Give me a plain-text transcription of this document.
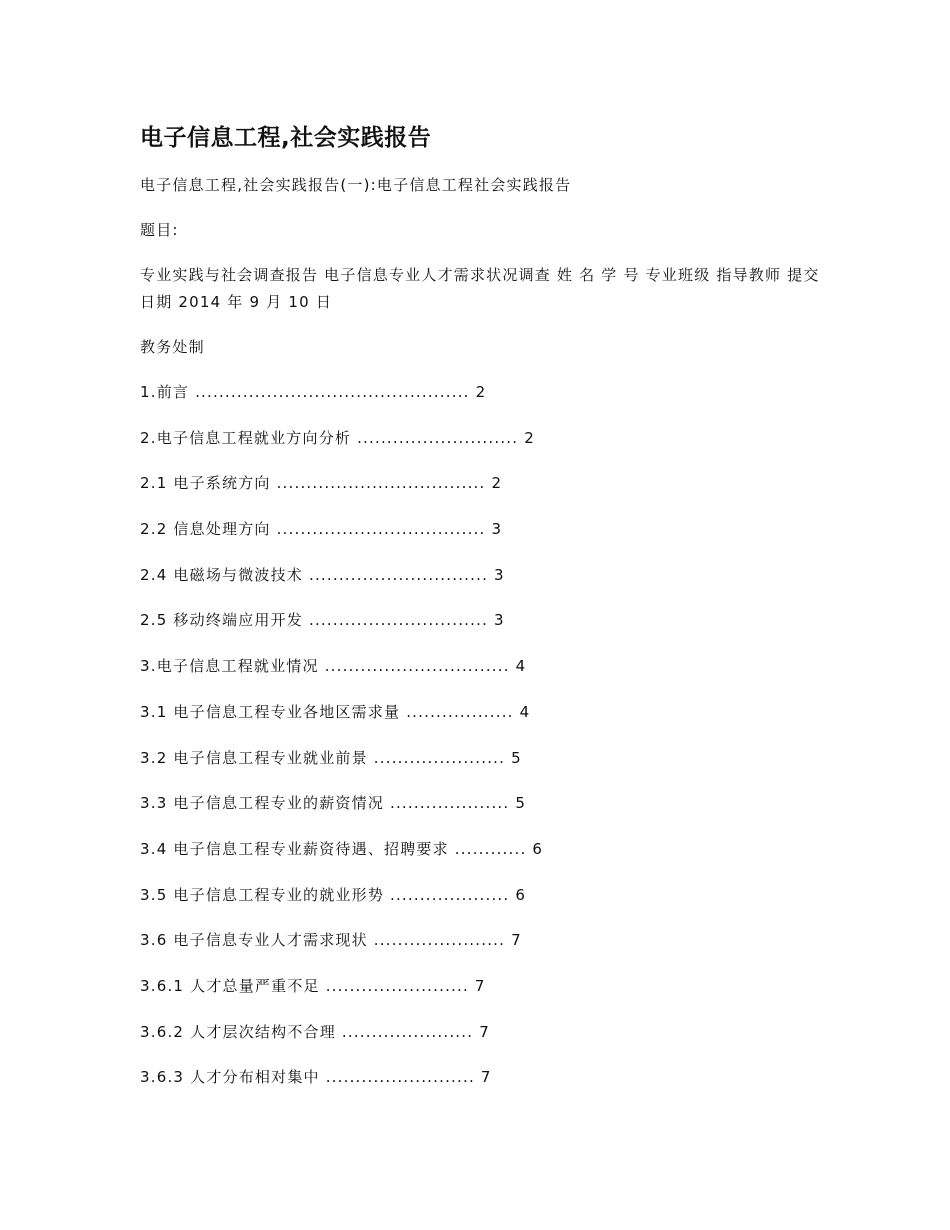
电子信息工程,社会实践报告

电子信息工程,社会实践报告(一):电子信息工程社会实践报告

题目:

专业实践与社会调查报告 电子信息专业人才需求状况调查 姓 名 学 号 专业班级 指导教师 提交日期 2014 年 9 月 10 日

教务处制

1.前言 .............................................. 2
2.电子信息工程就业方向分析 ........................... 2
2.1 电子系统方向 ................................... 2
2.2 信息处理方向 ................................... 3
2.4 电磁场与微波技术 .............................. 3
2.5 移动终端应用开发 .............................. 3
3.电子信息工程就业情况 ............................... 4
3.1 电子信息工程专业各地区需求量 .................. 4
3.2 电子信息工程专业就业前景 ...................... 5
3.3 电子信息工程专业的薪资情况 .................... 5
3.4 电子信息工程专业薪资待遇、招聘要求 ............ 6
3.5 电子信息工程专业的就业形势 .................... 6
3.6 电子信息专业人才需求现状 ...................... 7
3.6.1 人才总量严重不足 ........................ 7
3.6.2 人才层次结构不合理 ...................... 7
3.6.3 人才分布相对集中 ......................... 7
